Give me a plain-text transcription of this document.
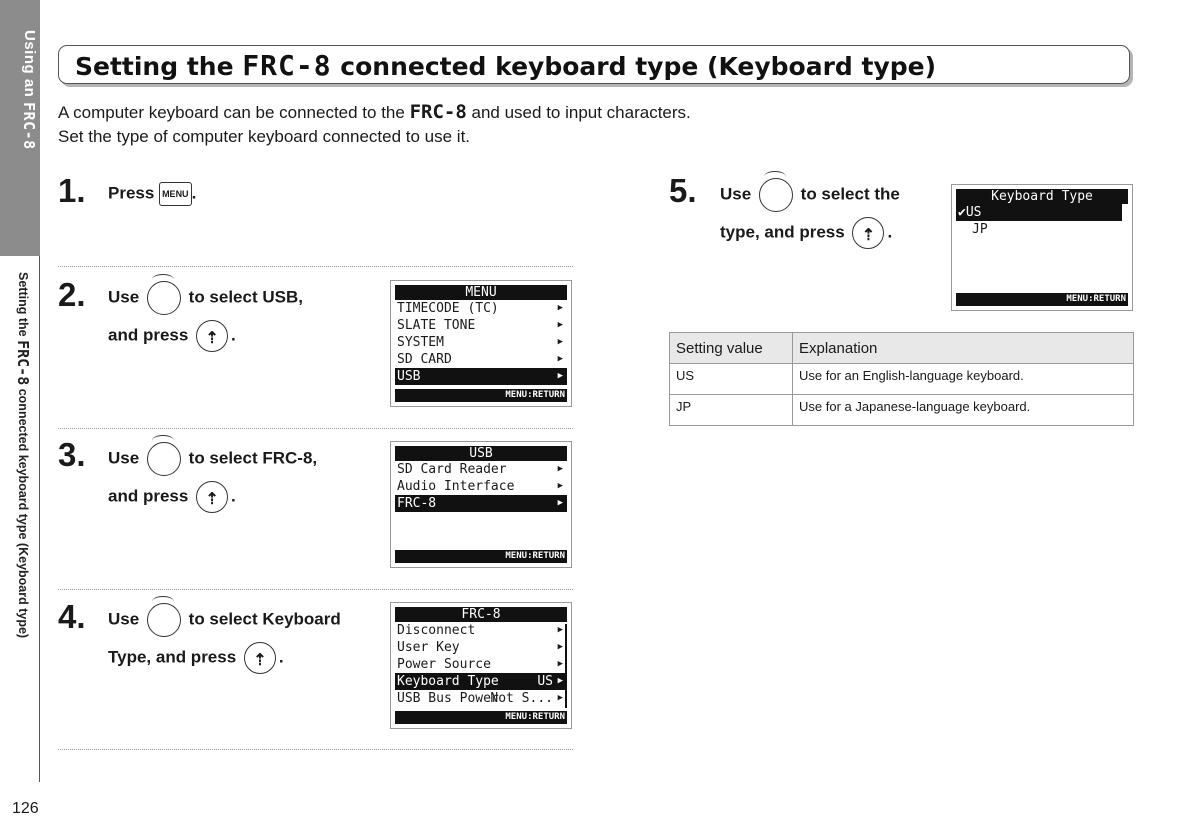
Using an FRC-8
Setting the FRC-8 connected keyboard type (Keyboard type)
126
Setting the FRC-8 connected keyboard type (Keyboard type)
A computer keyboard can be connected to the FRC-8 and used to input characters.
Set the type of computer keyboard connected to use it.
1. Press MENU .
2. Use	to select USB,
and press ⇡ .
MENU
TIMECODE (TC)	▶
SLATE TONE	▶
SYSTEM	▶
SD CARD	▶
USB	▶
MENU:RETURN
3. Use	to select FRC-8,
and press ⇡ .
USB
SD Card Reader	▶
Audio Interface	▶
FRC-8	▶
MENU:RETURN
4. Use	to select Keyboard
Type, and press ⇡ .
FRC-8
Disconnect	▶
User Key	▶
Power Source	▶
Keyboard Type	US ▶
USB Bus Power
Not S... ▶
MENU:RETURN
5. Use	to select the
type, and press ⇡ .
Keyboard Type
✔US
JP
MENU:RETURN
Setting value	Explanation
US	Use for an English-language keyboard.
JP	Use for a Japanese-language keyboard.
